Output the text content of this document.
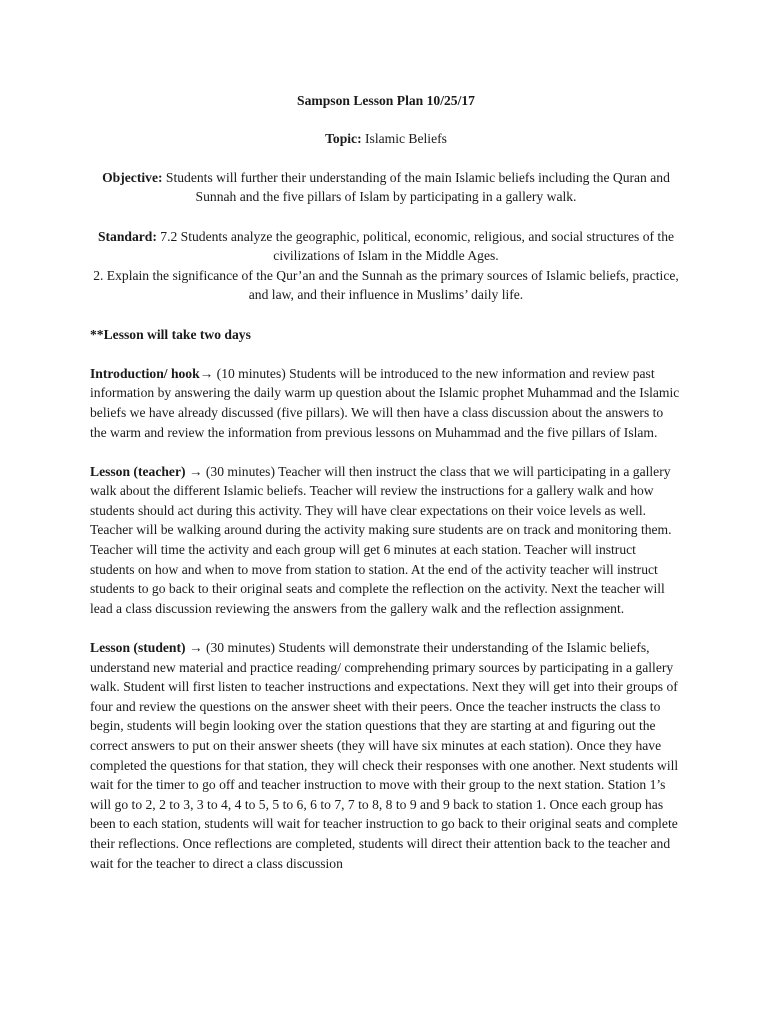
Sampson Lesson Plan 10/25/17
Topic: Islamic Beliefs
Objective: Students will further their understanding of the main Islamic beliefs including the Quran and Sunnah and the five pillars of Islam by participating in a gallery walk.
Standard: 7.2 Students analyze the geographic, political, economic, religious, and social structures of the civilizations of Islam in the Middle Ages.
2. Explain the significance of the Qur’an and the Sunnah as the primary sources of Islamic beliefs, practice, and law, and their influence in Muslims’ daily life.
**Lesson will take two days
Introduction/ hook→ (10 minutes) Students will be introduced to the new information and review past information by answering the daily warm up question about the Islamic prophet Muhammad and the Islamic beliefs we have already discussed (five pillars). We will then have a class discussion about the answers to the warm and review the information from previous lessons on Muhammad and the five pillars of Islam.
Lesson (teacher) → (30 minutes) Teacher will then instruct the class that we will participating in a gallery walk about the different Islamic beliefs. Teacher will review the instructions for a gallery walk and how students should act during this activity. They will have clear expectations on their voice levels as well. Teacher will be walking around during the activity making sure students are on track and monitoring them. Teacher will time the activity and each group will get 6 minutes at each station. Teacher will instruct students on how and when to move from station to station. At the end of the activity teacher will instruct students to go back to their original seats and complete the reflection on the activity. Next the teacher will lead a class discussion reviewing the answers from the gallery walk and the reflection assignment.
Lesson (student) → (30 minutes) Students will demonstrate their understanding of the Islamic beliefs, understand new material and practice reading/ comprehending primary sources by participating in a gallery walk. Student will first listen to teacher instructions and expectations. Next they will get into their groups of four and review the questions on the answer sheet with their peers. Once the teacher instructs the class to begin, students will begin looking over the station questions that they are starting at and figuring out the correct answers to put on their answer sheets (they will have six minutes at each station). Once they have completed the questions for that station, they will check their responses with one another. Next students will wait for the timer to go off and teacher instruction to move with their group to the next station. Station 1’s will go to 2, 2 to 3, 3 to 4, 4 to 5, 5 to 6, 6 to 7, 7 to 8, 8 to 9 and 9 back to station 1. Once each group has been to each station, students will wait for teacher instruction to go back to their original seats and complete their reflections. Once reflections are completed, students will direct their attention back to the teacher and wait for the teacher to direct a class discussion
